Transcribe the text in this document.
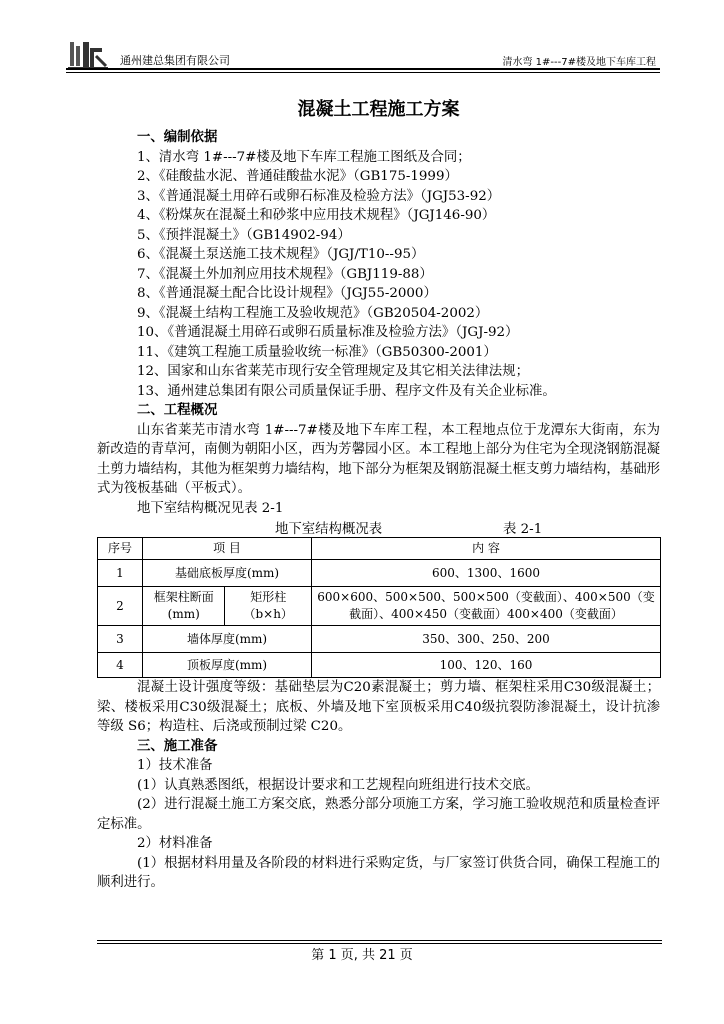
通州建总集团有限公司	清水弯 1#---7#楼及地下车库工程
混凝土工程施工方案
一、编制依据
1、清水弯 1#---7#楼及地下车库工程施工图纸及合同；
2、《硅酸盐水泥、普通硅酸盐水泥》（GB175-1999）
3、《普通混凝土用碎石或卵石标准及检验方法》（JGJ53-92）
4、《粉煤灰在混凝土和砂浆中应用技术规程》（JGJ146-90）
5、《预拌混凝土》（GB14902-94）
6、《混凝土泵送施工技术规程》（JGJ/T10--95）
7、《混凝土外加剂应用技术规程》（GBJ119-88）
8、《普通混凝土配合比设计规程》（JGJ55-2000）
9、《混凝土结构工程施工及验收规范》（GB20504-2002）
10、《普通混凝土用碎石或卵石质量标准及检验方法》（JGJ-92）
11、《建筑工程施工质量验收统一标准》（GB50300-2001）
12、国家和山东省莱芜市现行安全管理规定及其它相关法律法规；
13、通州建总集团有限公司质量保证手册、程序文件及有关企业标准。
二、工程概况

山东省莱芜市清水弯 1#---7#楼及地下车库工程，本工程地点位于龙潭东大街南，东为新改造的青草河，南侧为朝阳小区，西为芳馨园小区。本工程地上部分为住宅为全现浇钢筋混凝土剪力墙结构，其他为框架剪力墙结构，地下部分为框架及钢筋混凝土框支剪力墙结构，基础形式为筏板基础（平板式）。

地下室结构概况见表 2-1
地下室结构概况表	表 2-1
序号	项 目		内 容
1	基础底板厚度(mm)		600、1300、1600
2	框架柱断面 (mm)	矩形柱（b×h）	600×600、500×500、500×500（变截面）、400×500（变截面）、400×450（变截面）400×400（变截面）
3	墙体厚度(mm)		350、300、250、200
4	顶板厚度(mm)		100、120、160

混凝土设计强度等级：基础垫层为C20素混凝土；剪力墙、框架柱采用C30级混凝土；梁、楼板采用C30级混凝土；底板、外墙及地下室顶板采用C40级抗裂防渗混凝土，设计抗渗等级 S6；构造柱、后浇或预制过梁 C20。

三、施工准备
1）技术准备

(1）认真熟悉图纸，根据设计要求和工艺规程向班组进行技术交底。

(2）进行混凝土施工方案交底，熟悉分部分项施工方案，学习施工验收规范和质量检查评定标准。

2）材料准备

(1）根据材料用量及各阶段的材料进行采购定货，与厂家签订供货合同，确保工程施工的顺利进行。

第 1 页, 共 21 页
